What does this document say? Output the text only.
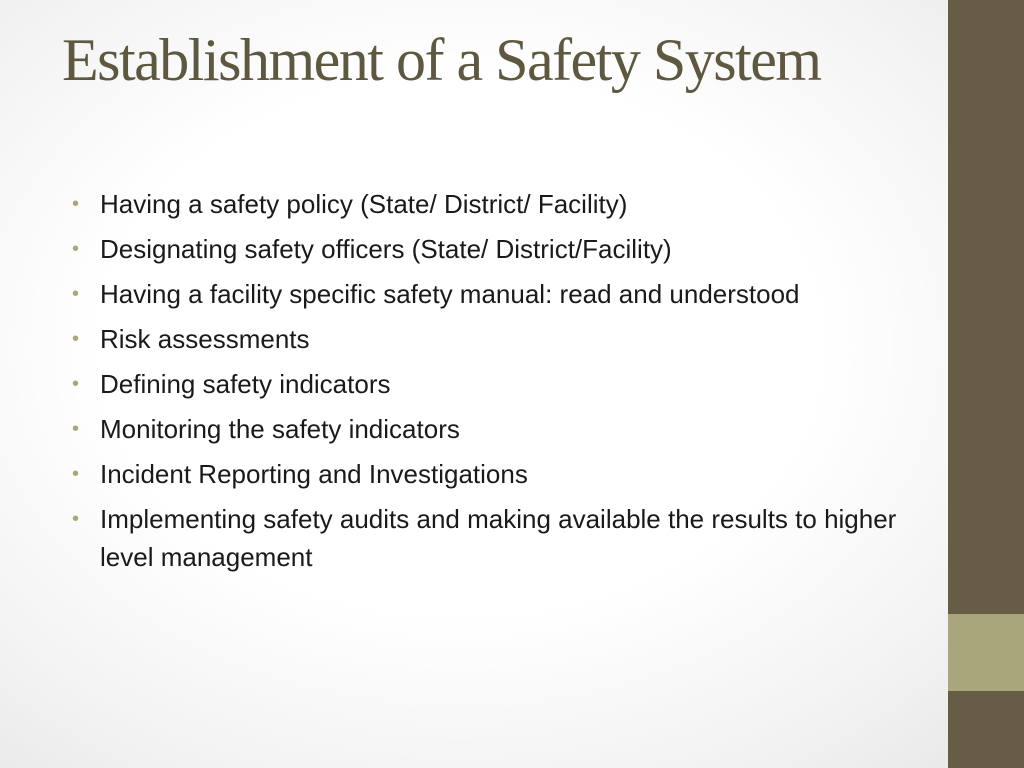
Establishment of a Safety System
• Having a safety policy (State/ District/ Facility)
• Designating safety officers (State/ District/Facility)
• Having a facility specific safety manual: read and understood
• Risk assessments
• Defining safety indicators
• Monitoring the safety indicators
• Incident Reporting and Investigations
• Implementing safety audits and making available the results to higher level management
